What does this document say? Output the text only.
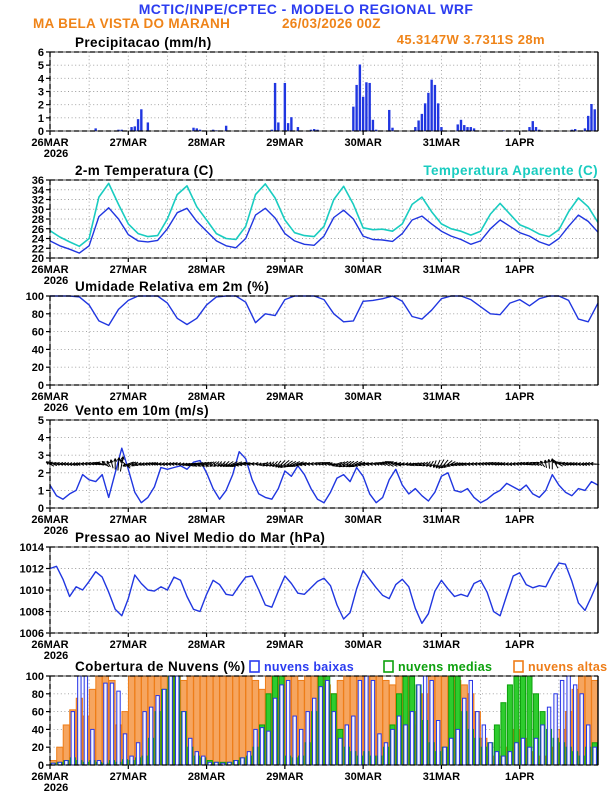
MCTIC/INPE/CPTEC - MODELO REGIONAL WRF
MA BELA VISTA DO MARANH	26/03/2026 00Z
0
1
2
3
4
5
6
26MAR
2026
27MAR	28MAR	29MAR	30MAR	31MAR	1APR
Precipitacao (mm/h)	45.3147W 3.7311S 28m
20
22
24
26
28
30
32
34
36
26MAR
2026
27MAR	28MAR	29MAR	30MAR	31MAR	1APR
2-m Temperatura (C)	Temperatura Aparente (C)
0
20
40
60
80
100
26MAR
2026
27MAR	28MAR	29MAR	30MAR	31MAR	1APR
Umidade Relativa em 2m (%)
0
1
2
3
4
5
26MAR
2026
27MAR	28MAR	29MAR	30MAR	31MAR	1APR
Vento em 10m (m/s)
1006
1008
1010
1012
1014
26MAR
2026
27MAR	28MAR	29MAR	30MAR	31MAR	1APR
Pressao ao Nivel Medio do Mar (hPa)
0
20
40
60
80
100
26MAR
2026
27MAR	28MAR	29MAR	30MAR	31MAR	1APR
Cobertura de Nuvens (%) nuvens baixas	nuvens medias	nuvens altas
